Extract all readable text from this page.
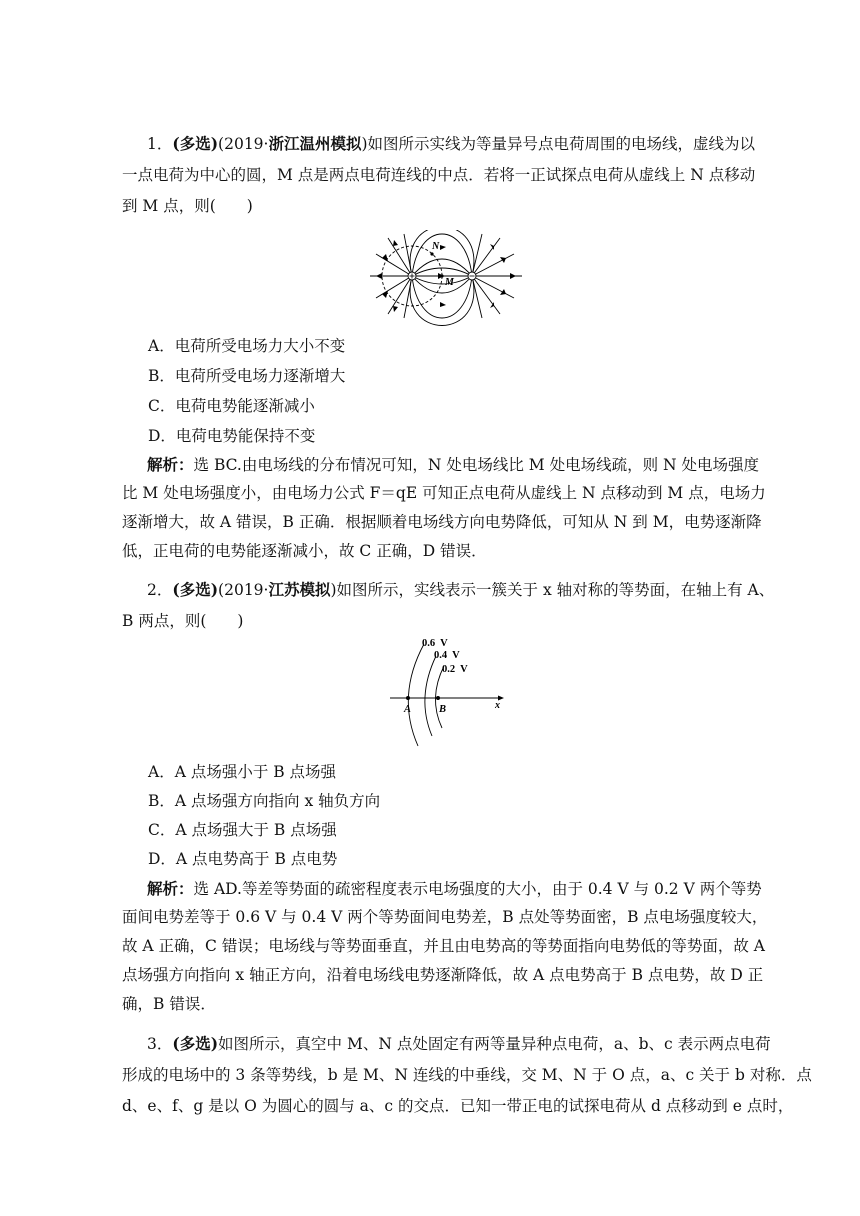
1．(多选)(2019·浙江温州模拟)如图所示实线为等量异号点电荷周围的电场线，虚线为以
一点电荷为中心的圆，M 点是两点电荷连线的中点．若将一正试探点电荷从虚线上 N 点移动
到 M 点，则(　　)
N
M
A．电荷所受电场力大小不变
B．电荷所受电场力逐渐增大
C．电荷电势能逐渐减小
D．电荷电势能保持不变
解析：选 BC.由电场线的分布情况可知，N 处电场线比 M 处电场线疏，则 N 处电场强度
比 M 处电场强度小，由电场力公式 F＝qE 可知正点电荷从虚线上 N 点移动到 M 点，电场力
逐渐增大，故 A 错误，B 正确．根据顺着电场线方向电势降低，可知从 N 到 M，电势逐渐降
低，正电荷的电势能逐渐减小，故 C 正确，D 错误．
2．(多选)(2019·江苏模拟)如图所示，实线表示一簇关于 x 轴对称的等势面，在轴上有 A、
B 两点，则(　　)
0.6  V
0.4  V
0.2  V
A	B	x
A．A 点场强小于 B 点场强
B．A 点场强方向指向 x 轴负方向
C．A 点场强大于 B 点场强
D．A 点电势高于 B 点电势
解析：选 AD.等差等势面的疏密程度表示电场强度的大小，由于 0.4 V 与 0.2 V 两个等势
面间电势差等于 0.6 V 与 0.4 V 两个等势面间电势差，B 点处等势面密，B 点电场强度较大，
故 A 正确，C 错误；电场线与等势面垂直，并且由电势高的等势面指向电势低的等势面，故 A
点场强方向指向 x 轴正方向，沿着电场线电势逐渐降低，故 A 点电势高于 B 点电势，故 D 正
确，B 错误．
3．(多选)如图所示，真空中 M、N 点处固定有两等量异种点电荷，a、b、c 表示两点电荷
形成的电场中的 3 条等势线，b 是 M、N 连线的中垂线，交 M、N 于 O 点，a、c 关于 b 对称．点
d、e、f、g 是以 O 为圆心的圆与 a、c 的交点．已知一带正电的试探电荷从 d 点移动到 e 点时，
